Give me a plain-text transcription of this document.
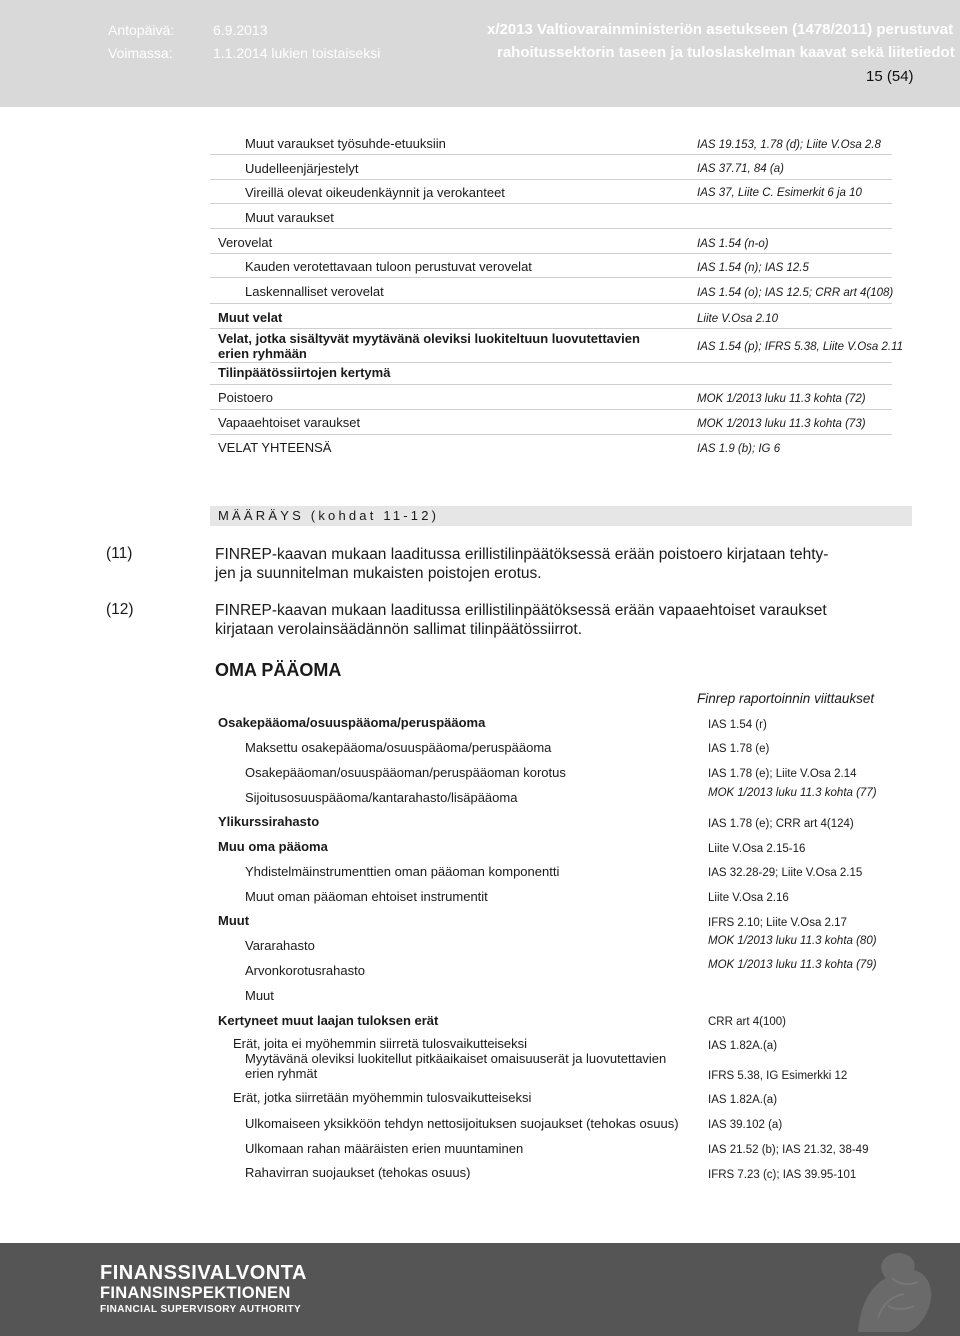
Antopäivä:	6.9.2013
Voimassa:	1.1.2014 lukien toistaiseksi
x/2013 Valtiovarainministeriön asetukseen (1478/2011) perustuvat
rahoitussektorin taseen ja tuloslaskelman kaavat sekä liitetiedot
15 (54)
Muut varaukset työsuhde-etuuksiin	IAS 19.153, 1.78 (d); Liite V.Osa 2.8
Uudelleenjärjestelyt	IAS 37.71, 84 (a)
Vireillä olevat oikeudenkäynnit ja verokanteet	IAS 37, Liite C. Esimerkit 6 ja 10
Muut varaukset
Verovelat	IAS 1.54 (n-o)
Kauden verotettavaan tuloon perustuvat verovelat	IAS 1.54 (n); IAS 12.5
Laskennalliset verovelat	IAS 1.54 (o); IAS 12.5; CRR art 4(108)
Muut velat	Liite V.Osa 2.10
Velat, jotka sisältyvät myytävänä oleviksi luokiteltuun luovutettavien
erien ryhmään	IAS 1.54 (p); IFRS 5.38, Liite V.Osa 2.11
Tilinpäätössiirtojen kertymä
Poistoero	MOK 1/2013 luku 11.3 kohta (72)
Vapaaehtoiset varaukset	MOK 1/2013 luku 11.3 kohta (73)
VELAT YHTEENSÄ	IAS 1.9 (b); IG 6
MÄÄRÄYS (kohdat 11-12)
(11)	FINREP-kaavan mukaan laaditussa erillistilinpäätöksessä erään poistoero kirjataan tehty-
jen ja suunnitelman mukaisten poistojen erotus.
(12)	FINREP-kaavan mukaan laaditussa erillistilinpäätöksessä erään vapaaehtoiset varaukset
kirjataan verolainsäädännön sallimat tilinpäätössiirrot.
OMA PÄÄOMA
Finrep raportoinnin viittaukset
Osakepääoma/osuuspääoma/peruspääoma	IAS 1.54 (r)
Maksettu osakepääoma/osuuspääoma/peruspääoma	IAS 1.78 (e)
Osakepääoman/osuuspääoman/peruspääoman korotus	IAS 1.78 (e); Liite V.Osa 2.14
Sijoitusosuuspääoma/kantarahasto/lisäpääoma	MOK 1/2013 luku 11.3 kohta (77)
Ylikurssirahasto	IAS 1.78 (e); CRR art 4(124)
Muu oma pääoma	Liite V.Osa 2.15-16
Yhdistelmäinstrumenttien oman pääoman komponentti	IAS 32.28-29; Liite V.Osa 2.15
Muut oman pääoman ehtoiset instrumentit	Liite V.Osa 2.16
Muut	IFRS 2.10; Liite V.Osa 2.17
Vararahasto	MOK 1/2013 luku 11.3 kohta (80)
Arvonkorotusrahasto	MOK 1/2013 luku 11.3 kohta (79)
Muut
Kertyneet muut laajan tuloksen erät	CRR art 4(100)
Erät, joita ei myöhemmin siirretä tulosvaikutteiseksi	IAS 1.82A.(a)
Myytävänä oleviksi luokitellut pitkäaikaiset omaisuuserät ja luovutettavien
erien ryhmät	IFRS 5.38, IG Esimerkki 12
Erät, jotka siirretään myöhemmin tulosvaikutteiseksi	IAS 1.82A.(a)
Ulkomaiseen yksikköön tehdyn nettosijoituksen suojaukset (tehokas osuus)	IAS 39.102 (a)
Ulkomaan rahan määräisten erien muuntaminen	IAS 21.52 (b); IAS 21.32, 38-49
Rahavirran suojaukset (tehokas osuus)	IFRS 7.23 (c); IAS 39.95-101
FINANSSIVALVONTA
FINANSINSPEKTIONEN
FINANCIAL SUPERVISORY AUTHORITY
